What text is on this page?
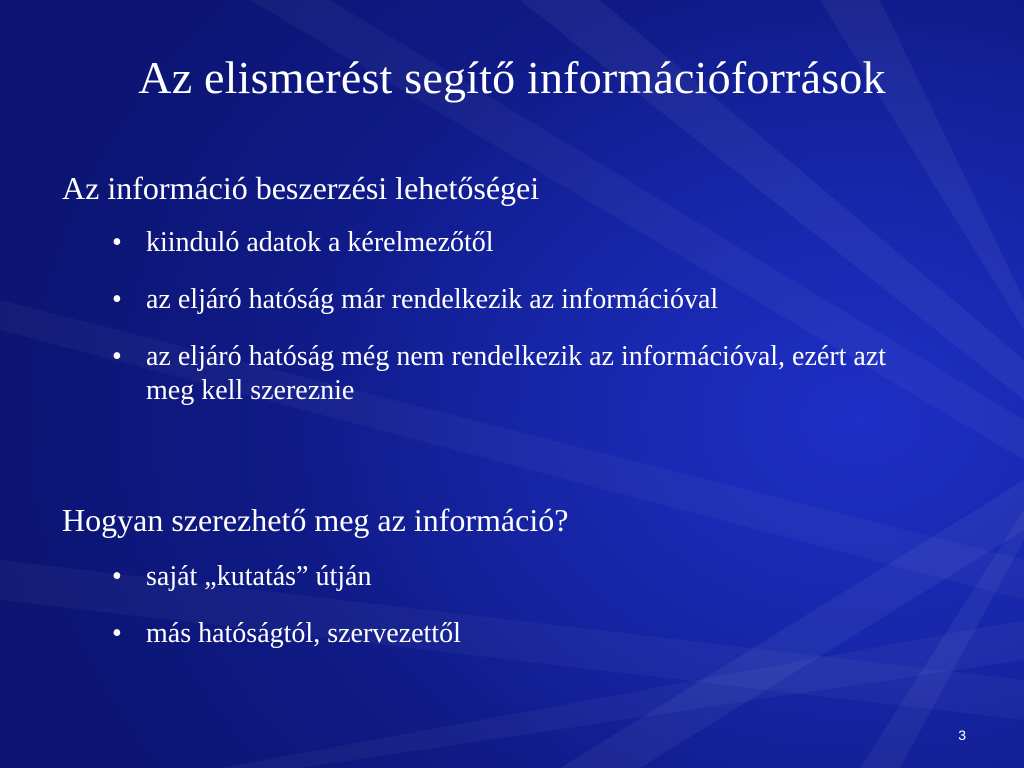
Az elismerést segítő információforrások
Az információ beszerzési lehetőségei
• kiinduló adatok a kérelmezőtől
• az eljáró hatóság már rendelkezik az információval
• az eljáró hatóság még nem rendelkezik az információval, ezért azt meg kell szereznie
Hogyan szerezhető meg az információ?
• saját „kutatás” útján
• más hatóságtól, szervezettől
3
